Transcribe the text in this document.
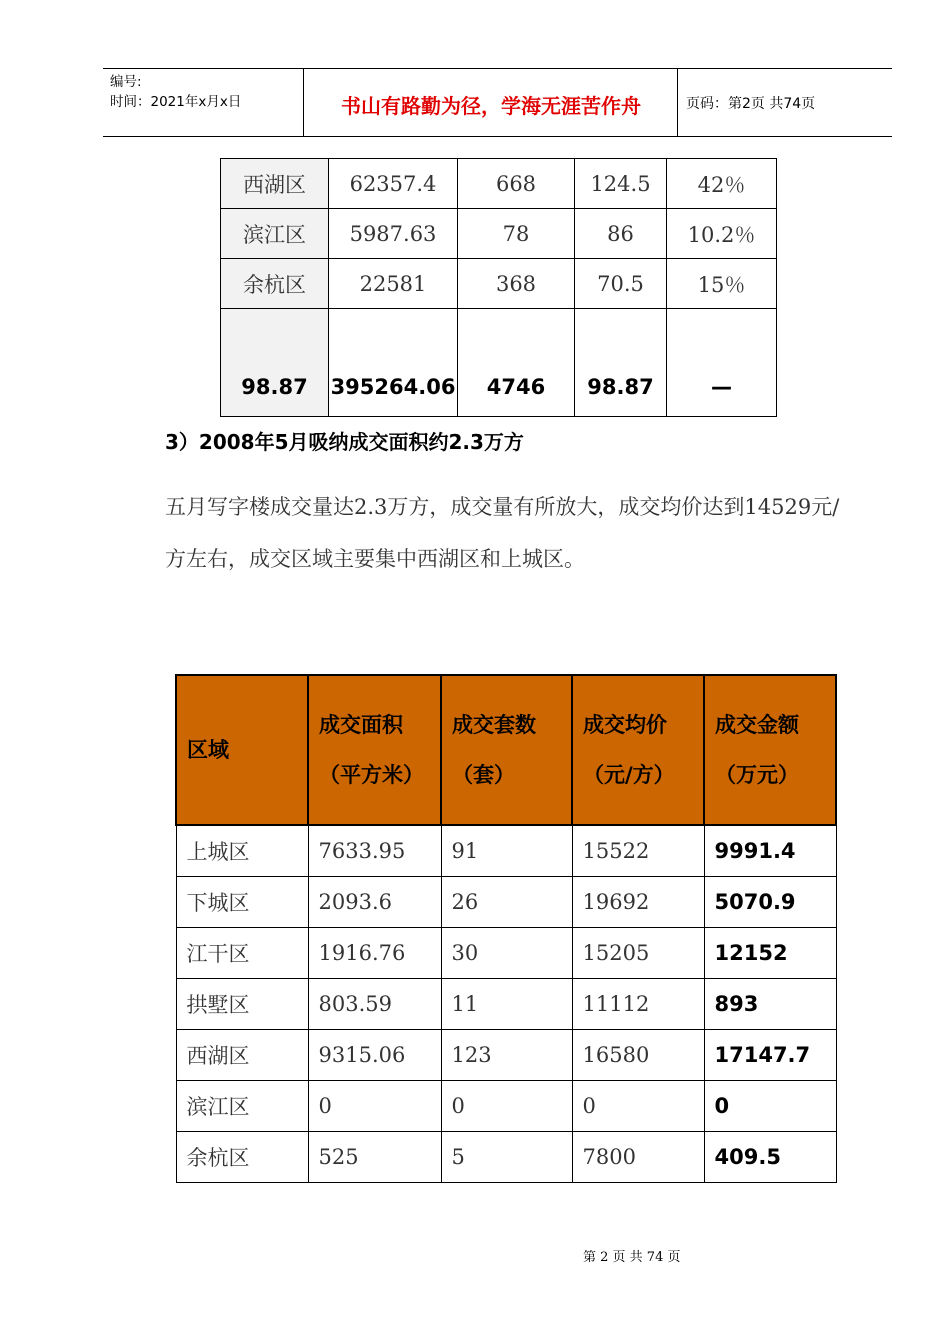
编号:
时间：2021年x月x日	书山有路勤为径，学海无涯苦作舟	页码：第2页 共74页
西湖区	62357.4	668	124.5	42％
滨江区	5987.63	78	86	10.2％
余杭区	22581	368	70.5	15％
98.87	395264.06	4746	98.87	—
3）2008年5月吸纳成交面积约2.3万方
五月写字楼成交量达2.3万方，成交量有所放大，成交均价达到14529元/方左右，成交区域主要集中西湖区和上城区。
区域	成交面积（平方米）	成交套数（套）	成交均价（元/方）	成交金额（万元）
上城区	7633.95	91	15522	9991.4
下城区	2093.6	26	19692	5070.9
江干区	1916.76	30	15205	12152
拱墅区	803.59	11	11112	893
西湖区	9315.06	123	16580	17147.7
滨江区	0	0	0	0
余杭区	525	5	7800	409.5
第 2 页 共 74 页
